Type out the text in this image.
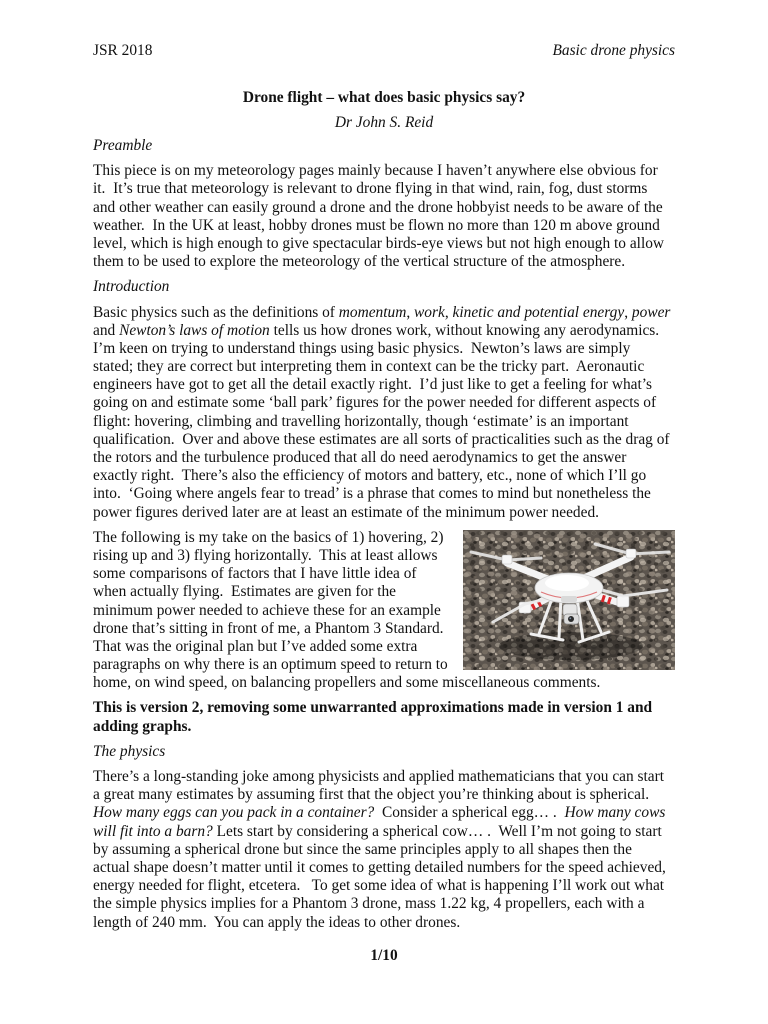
JSR 2018	Basic drone physics
Drone flight – what does basic physics say?
Dr John S. Reid
Preamble
This piece is on my meteorology pages mainly because I haven’t anywhere else obvious for
it.  It’s true that meteorology is relevant to drone flying in that wind, rain, fog, dust storms
and other weather can easily ground a drone and the drone hobbyist needs to be aware of the
weather.  In the UK at least, hobby drones must be flown no more than 120 m above ground
level, which is high enough to give spectacular birds-eye views but not high enough to allow
them to be used to explore the meteorology of the vertical structure of the atmosphere.
Introduction
Basic physics such as the definitions of momentum, work, kinetic and potential energy, power
and Newton’s laws of motion tells us how drones work, without knowing any aerodynamics.
I’m keen on trying to understand things using basic physics.  Newton’s laws are simply
stated; they are correct but interpreting them in context can be the tricky part.  Aeronautic
engineers have got to get all the detail exactly right.  I’d just like to get a feeling for what’s
going on and estimate some ‘ball park’ figures for the power needed for different aspects of
flight: hovering, climbing and travelling horizontally, though ‘estimate’ is an important
qualification.  Over and above these estimates are all sorts of practicalities such as the drag of
the rotors and the turbulence produced that all do need aerodynamics to get the answer
exactly right.  There’s also the efficiency of motors and battery, etc., none of which I’ll go
into.  ‘Going where angels fear to tread’ is a phrase that comes to mind but nonetheless the
power figures derived later are at least an estimate of the minimum power needed.
The following is my take on the basics of 1) hovering, 2)
rising up and 3) flying horizontally.  This at least allows
some comparisons of factors that I have little idea of
when actually flying.  Estimates are given for the
minimum power needed to achieve these for an example
drone that’s sitting in front of me, a Phantom 3 Standard.
That was the original plan but I’ve added some extra
paragraphs on why there is an optimum speed to return to
home, on wind speed, on balancing propellers and some miscellaneous comments.
This is version 2, removing some unwarranted approximations made in version 1 and
adding graphs.
The physics
There’s a long-standing joke among physicists and applied mathematicians that you can start
a great many estimates by assuming first that the object you’re thinking about is spherical.
How many eggs can you pack in a container?  Consider a spherical egg… .  How many cows
will fit into a barn? Lets start by considering a spherical cow… .  Well I’m not going to start
by assuming a spherical drone but since the same principles apply to all shapes then the
actual shape doesn’t matter until it comes to getting detailed numbers for the speed achieved,
energy needed for flight, etcetera.   To get some idea of what is happening I’ll work out what
the simple physics implies for a Phantom 3 drone, mass 1.22 kg, 4 propellers, each with a
length of 240 mm.  You can apply the ideas to other drones.
1/10
